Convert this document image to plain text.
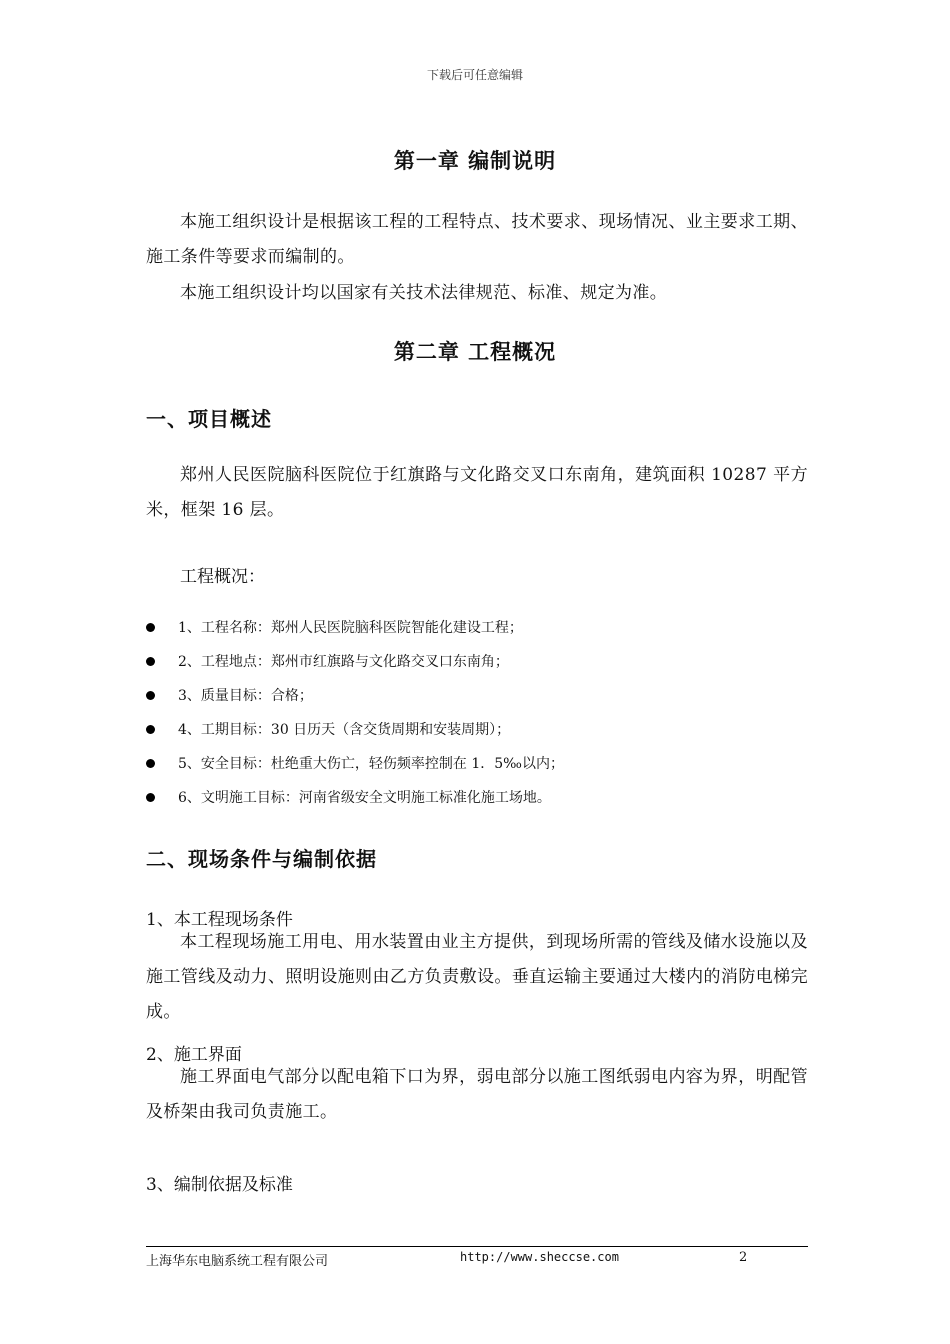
下载后可任意编辑
第一章 编制说明
本施工组织设计是根据该工程的工程特点、技术要求、现场情况、业主要求工期、施工条件等要求而编制的。
本施工组织设计均以国家有关技术法律规范、标准、规定为准。
第二章 工程概况
一、项目概述
郑州人民医院脑科医院位于红旗路与文化路交叉口东南角，建筑面积 10287 平方米，框架 16 层。
工程概况：
1、工程名称：郑州人民医院脑科医院智能化建设工程；
2、工程地点：郑州市红旗路与文化路交叉口东南角；
3、质量目标：合格；
4、工期目标：30 日历天（含交货周期和安装周期）；
5、安全目标：杜绝重大伤亡，轻伤频率控制在 1．5‰以内；
6、文明施工目标：河南省级安全文明施工标准化施工场地。
二、现场条件与编制依据
1、本工程现场条件
本工程现场施工用电、用水装置由业主方提供，到现场所需的管线及储水设施以及施工管线及动力、照明设施则由乙方负责敷设。垂直运输主要通过大楼内的消防电梯完成。
2、施工界面
施工界面电气部分以配电箱下口为界，弱电部分以施工图纸弱电内容为界，明配管及桥架由我司负责施工。
3、编制依据及标准
上海华东电脑系统工程有限公司	http://www.sheccse.com	2
